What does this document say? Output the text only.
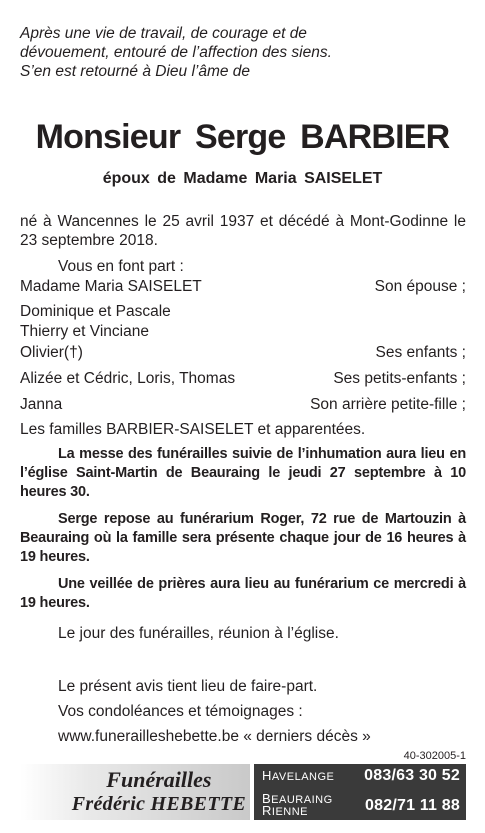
Après une vie de travail, de courage et de
dévouement, entouré de l’affection des siens.
S’en est retourné à Dieu l’âme de
Monsieur Serge BARBIER
époux de Madame Maria SAISELET
né à Wancennes le 25 avril 1937 et décédé à Mont-Godinne le 23 septembre 2018.
Vous en font part :
Madame Maria SAISELET	Son épouse ;
Dominique et Pascale
Thierry et Vinciane
Olivier(†)	Ses enfants ;
Alizée et Cédric, Loris, Thomas	Ses petits-enfants ;
Janna	Son arrière petite-fille ;
Les familles BARBIER-SAISELET et apparentées.
La messe des funérailles suivie de l’inhumation aura lieu en l’église Saint-Martin de Beauraing le jeudi 27 septembre à 10 heures 30.
Serge repose au funérarium Roger, 72 rue de Martouzin à Beauraing où la famille sera présente chaque jour de 16 heures à 19 heures.
Une veillée de prières aura lieu au funérarium ce mercredi à 19 heures.
Le jour des funérailles, réunion à l’église.
Le présent avis tient lieu de faire-part.
Vos condoléances et témoignages :
www.funerailleshebette.be « derniers décès »
40-302005-1
Funérailles
Frédéric HEBETTE
HAVELANGE 083/63 30 52
BEAURAING
RIENNE	082/71 11 88
